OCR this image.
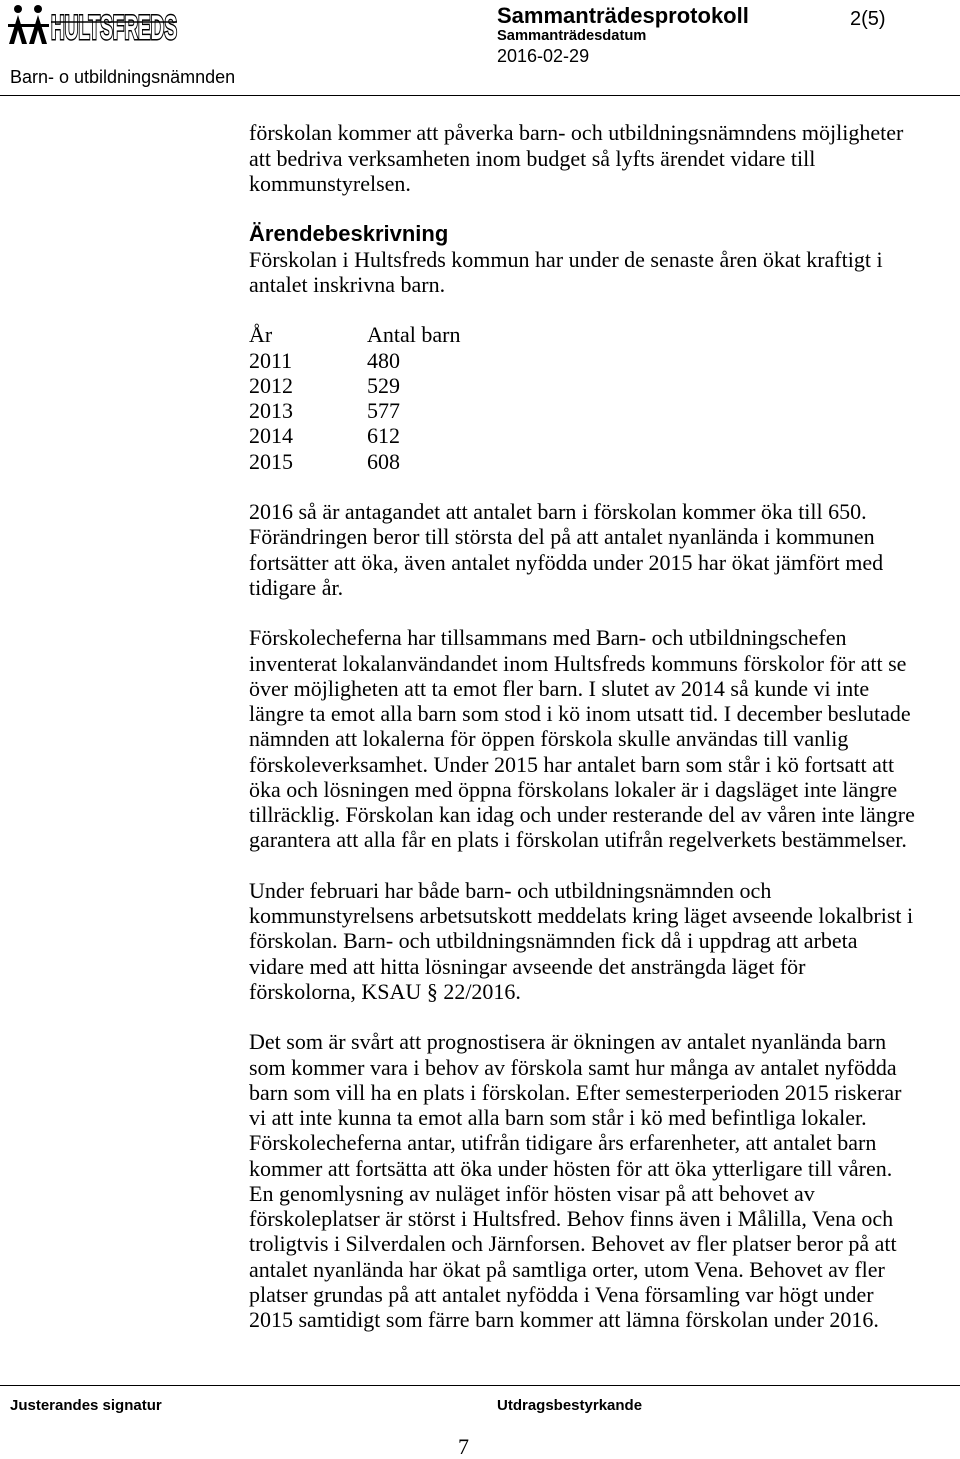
HULTSFREDS	Sammanträdesprotokoll	2(5)
Sammanträdesdatum
2016-02-29
Barn- o utbildningsnämnden
förskolan kommer att påverka barn- och utbildningsnämndens möjligheter
att bedriva verksamheten inom budget så lyfts ärendet vidare till
kommunstyrelsen.
Ärendebeskrivning
Förskolan i Hultsfreds kommun har under de senaste åren ökat kraftigt i
antalet inskrivna barn.
År	Antal barn
2011	480
2012	529
2013	577
2014	612
2015	608
2016 så är antagandet att antalet barn i förskolan kommer öka till 650.
Förändringen beror till största del på att antalet nyanlända i kommunen
fortsätter att öka, även antalet nyfödda under 2015 har ökat jämfört med
tidigare år.
Förskolecheferna har tillsammans med Barn- och utbildningschefen
inventerat lokalanvändandet inom Hultsfreds kommuns förskolor för att se
över möjligheten att ta emot fler barn. I slutet av 2014 så kunde vi inte
längre ta emot alla barn som stod i kö inom utsatt tid. I december beslutade
nämnden att lokalerna för öppen förskola skulle användas till vanlig
förskoleverksamhet. Under 2015 har antalet barn som står i kö fortsatt att
öka och lösningen med öppna förskolans lokaler är i dagsläget inte längre
tillräcklig. Förskolan kan idag och under resterande del av våren inte längre
garantera att alla får en plats i förskolan utifrån regelverkets bestämmelser.
Under februari har både barn- och utbildningsnämnden och
kommunstyrelsens arbetsutskott meddelats kring läget avseende lokalbrist i
förskolan. Barn- och utbildningsnämnden fick då i uppdrag att arbeta
vidare med att hitta lösningar avseende det ansträngda läget för
förskolorna, KSAU § 22/2016.
Det som är svårt att prognostisera är ökningen av antalet nyanlända barn
som kommer vara i behov av förskola samt hur många av antalet nyfödda
barn som vill ha en plats i förskolan. Efter semesterperioden 2015 riskerar
vi att inte kunna ta emot alla barn som står i kö med befintliga lokaler.
Förskolecheferna antar, utifrån tidigare års erfarenheter, att antalet barn
kommer att fortsätta att öka under hösten för att öka ytterligare till våren.
En genomlysning av nuläget inför hösten visar på att behovet av
förskoleplatser är störst i Hultsfred. Behov finns även i Målilla, Vena och
troligtvis i Silverdalen och Järnforsen. Behovet av fler platser beror på att
antalet nyanlända har ökat på samtliga orter, utom Vena. Behovet av fler
platser grundas på att antalet nyfödda i Vena församling var högt under
2015 samtidigt som färre barn kommer att lämna förskolan under 2016.
Justerandes signatur	Utdragsbestyrkande
7
